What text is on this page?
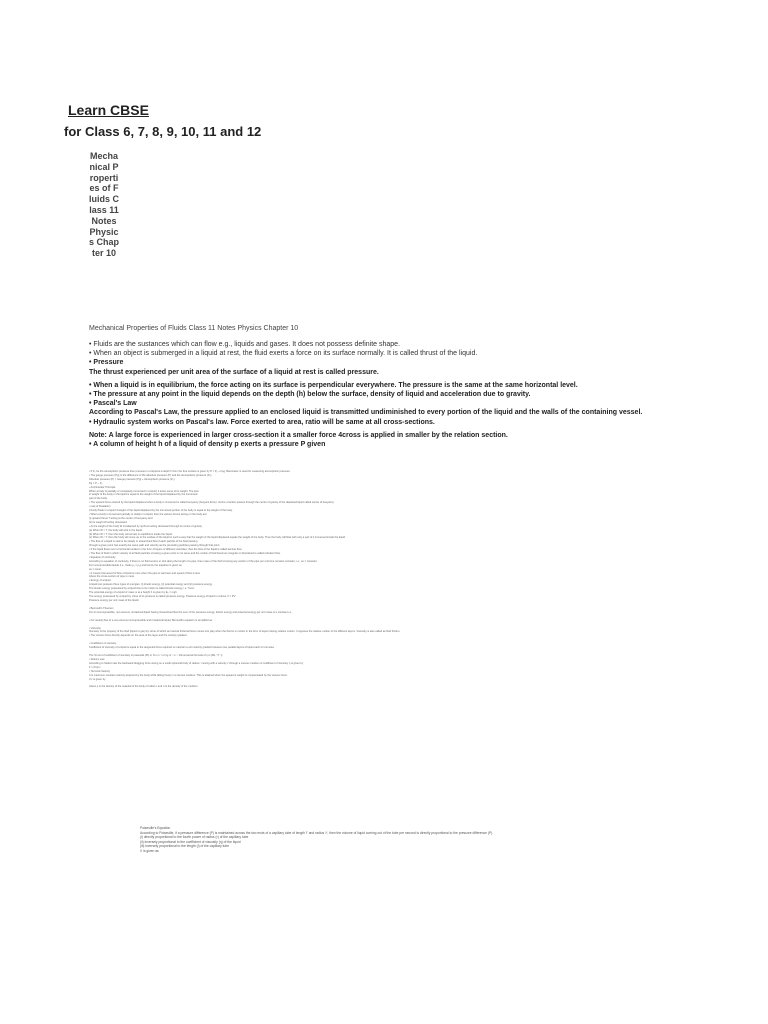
Learn CBSE
for Class 6, 7, 8, 9, 10, 11 and 12
Mechanical Properties of Fluids Class 11 Notes Physics Chapter 10

Mechanical Properties of Fluids Class 11 Notes Physics Chapter 10

• Fluids are the sustances which can flow e.g., liquids and gases. It does not possess definite shape.

• When an object is submerged in a liquid at rest, the fluid exerts a force on its surface normally. It is called thrust of the liquid.

• Pressure

The thrust experienced per unit area of the surface of a liquid at rest is called pressure.

• When a liquid is in equilibrium, the force acting on its surface is perpendicular everywhere. The pressure is the same at the same horizontal level.

• The pressure at any point in the liquid depends on the depth (h) below the surface, density of liquid and acceleration due to gravity.

• Pascal's Law

According to Pascal's Law, the pressure applied to an enclosed liquid is transmitted undiminished to every portion of the liquid and the walls of the containing vessel.

• Hydraulic system works on Pascal's law. Force exerted to area, ratio will be same at all cross-sections.

Note: A large force is experienced in larger cross-section it a smaller force 4cross is applied in smaller by the relation section.

• A column of height h of a liquid of density p exerts a pressure P given

• If P₀ be the atmospheric pressure then pressure in a liquid at a depth h from the free surface is given by P = P₀ + hρg. Barometer is used for measuring atmospheric pressure.

• The gauge pressure (Pg) is the difference of the absolute pressure (P) and the atmospheric pressure (P₀).

Absolute pressure (P) = Gauge pressure (Pg) + Atmospheric pressure (P₀)

Pg = P – P₀

• Archimedes' Principle

When a body is partially or completely immersed in a liquid, it loses some of its weight. The loss

in weight of the body in the liquid is equal to the weight of the liquid displaced by the immersed

part of the body.

• The upward force exerted by the liquid displaced when a body is immersed is called buoyancy (buoyant force). Its line of action passes through the centre of gravity of the displaced liquid called centre of buoyancy.

• Law of Floatation

A body floats in a liquid if weight of the liquid displaced by the immersed portion of the body is equal to the weight of the body.

• When a body is immersed partially or totally in a liquid, then the various forces acting on the body are:

(i) upward thrust T acting at the centre of buoyancy and

(ii) its weight W acting downward

• At the weight of the body W is balanced by upthrust acting downward through its centre of gravity.

(a) When W > T, the body will sink in the liquid.

(b) When W = T, then the body will remain in equilibrium inside the liquid.

(c) When W < T, then the body will come up to the surface of the liquid in such a way that the weight of the liquid displaced equals the weight of the body. Thus the body will float with only a part of it immersed inside the liquid.

• The flow of a liquid is said to be steady or streamlined flow if each particle of the fluid passing

through a given point has exactly the same path and velocity as the preceding particles passing through that point.

• If the liquid flows over a horizontal surface in the form of layers of different velocities, then the flow of the liquid is called laminar flow.

• The flow of fluid in which velocity of all fluid particles crossing a given point is not same and the motion of fluid becomes irregular or disordered is called turbulent flow.

• Equation of continuity

According to equation of continuity, if there is no fluid source or sink along the length of a pipe, then mass of the fluid crossing any section of the pipe per unit time remains constant, i.e., av = constant.

For incompressible liquids (i.e., fluids ρ₁ = ρ₂) and hence the equation is given as

av = const.

• It means that speed of flow of liquid is more when the pipe is narrower and speed of flow is less

where the cross-section of pipe is more.

• Energy of a liquid

A liquid can possess three types of energies: (i) kinetic energy, (ii) potential energy and (iii) pressure energy.

The kinetic energy possessed by a liquid due to its motion is called kinetic energy, i.e. ½mv².

The potential energy of a liquid of mass m at a height h is given by Eₚ = mgh.

The energy possessed by a liquid by virtue of its pressure is called pressure energy. Pressure energy of liquid in volume V = PV.

Pressure energy per unit mass of the liquid.

• Bernoulli's Theorem

For an incompressible, non-viscous, irrotational liquid having streamlined flow the sum of the pressure energy, kinetic energy and potential energy per unit mass is a constant i.e.,

• For steady flow of a non-viscous incompressible and irrotational liquid, Bernoulli's equation is simplified as

• Viscosity

Viscosity is the property of the fluid (liquid or gas) by virtue of which an internal frictional force comes into play when the fluid is in motion in the form of layers having relative motion. It opposes the relative motion of the different layers. Viscosity is also called as fluid friction.

• The viscous force directly depends on the area of the layer and the velocity gradient.

• Coefficient of viscosity

Coefficient of viscosity of a liquid is equal to the tangential force required to maintain a unit velocity gradient between two parallel layers of liquid each of unit area.

The SI unit of coefficient of viscosity is poiseuille (Pl) or N s m⁻² or kg m⁻¹ s⁻¹. Dimensional formula of η is [ML⁻¹T⁻¹].

• Stoke's Law

According to Stoke's law the backward dragging force acting on a small spherical body of radius r moving with a velocity v through a viscous medium of coefficient of viscosity η is given by

F = 6πηrv

• Terminal Velocity

It is maximum constant velocity acquired by the body while falling freely in a viscous medium. This is attained when the apparent weight is compensated by the viscous force.

If v is given by

where ρ is the density of the material of the body of radius r and σ is the density of the medium.

Poiseuille's Equation

According to Poiseuille, if a pressure difference (P) is maintained across the two ends of a capillary tube of length 'l' and radius 'r', then the volume of liquid coming out of the tube per second is directly proportional to the pressure difference (P).

(i) directly proportional to the fourth power of radius (r) of the capillary tube

(ii) inversely proportional to the coefficient of viscosity (η) of the liquid

(iii) inversely proportional to the length (l) of the capillary tube

V is given as
